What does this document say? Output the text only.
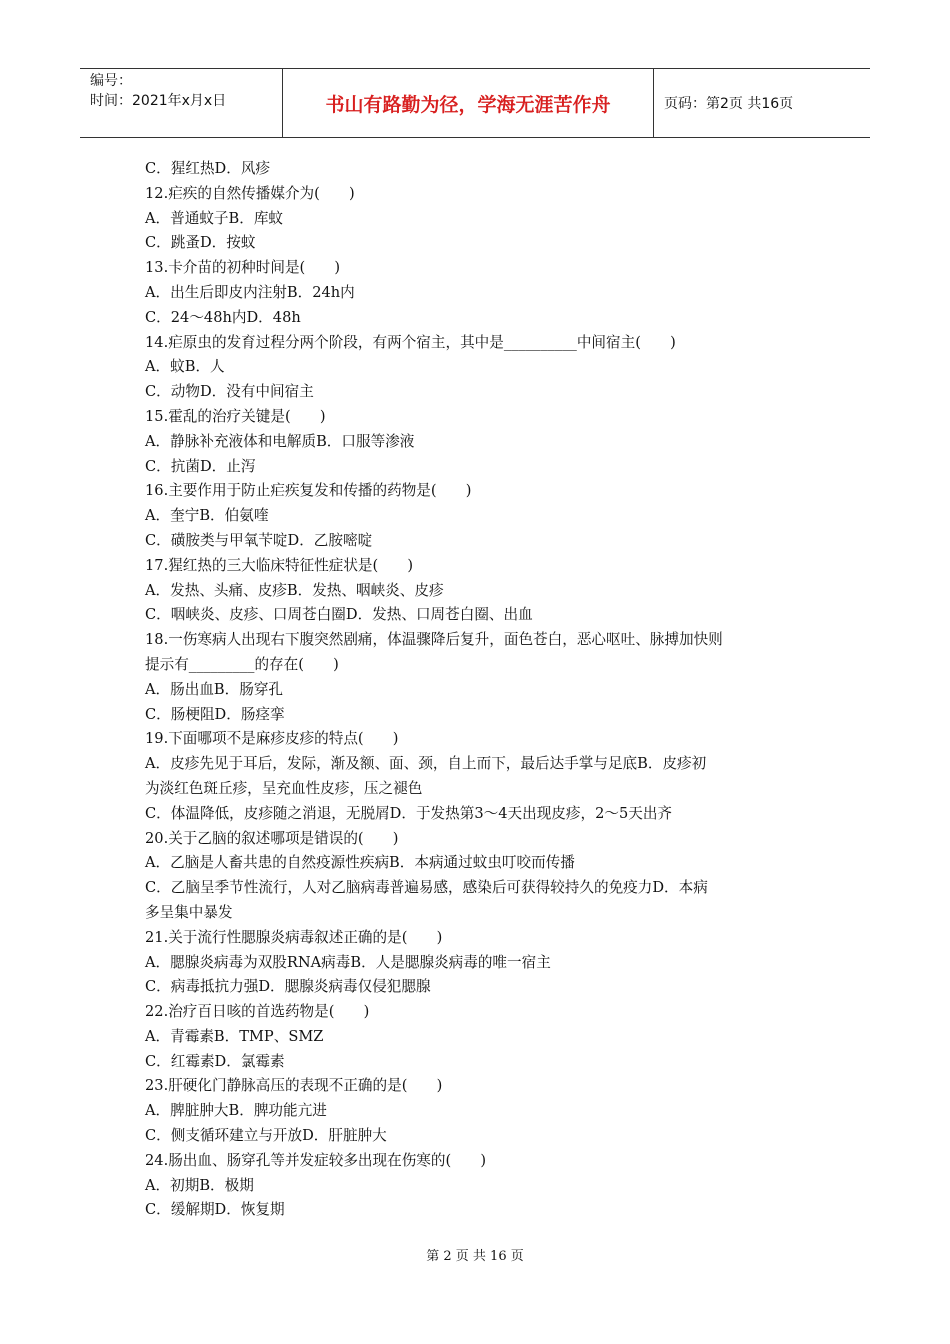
编号：
时间：2021年x月x日	书山有路勤为径，学海无涯苦作舟	页码：第2页 共16页
C．猩红热D．风疹
12.疟疾的自然传播媒介为(　　)
A．普通蚊子B．库蚊
C．跳蚤D．按蚊
13.卡介苗的初种时间是(　　)
A．出生后即皮内注射B．24h内
C．24～48h内D．48h
14.疟原虫的发育过程分两个阶段，有两个宿主，其中是__________中间宿主(　　)
A．蚊B．人
C．动物D．没有中间宿主
15.霍乱的治疗关键是(　　)
A．静脉补充液体和电解质B．口服等渗液
C．抗菌D．止泻
16.主要作用于防止疟疾复发和传播的药物是(　　)
A．奎宁B．伯氨喹
C．磺胺类与甲氧苄啶D．乙胺嘧啶
17.猩红热的三大临床特征性症状是(　　)
A．发热、头痛、皮疹B．发热、咽峡炎、皮疹
C．咽峡炎、皮疹、口周苍白圈D．发热、口周苍白圈、出血
18.一伤寒病人出现右下腹突然剧痛，体温骤降后复升，面色苍白，恶心呕吐、脉搏加快则
提示有_________的存在(　　)
A．肠出血B．肠穿孔
C．肠梗阻D．肠痉挛
19.下面哪项不是麻疹皮疹的特点(　　)
A．皮疹先见于耳后，发际，渐及额、面、颈，自上而下，最后达手掌与足底B．皮疹初
为淡红色斑丘疹，呈充血性皮疹，压之褪色
C．体温降低，皮疹随之消退，无脱屑D．于发热第3～4天出现皮疹，2～5天出齐
20.关于乙脑的叙述哪项是错误的(　　)
A．乙脑是人畜共患的自然疫源性疾病B．本病通过蚊虫叮咬而传播
C．乙脑呈季节性流行，人对乙脑病毒普遍易感，感染后可获得较持久的免疫力D．本病
多呈集中暴发
21.关于流行性腮腺炎病毒叙述正确的是(　　)
A．腮腺炎病毒为双股RNA病毒B．人是腮腺炎病毒的唯一宿主
C．病毒抵抗力强D．腮腺炎病毒仅侵犯腮腺
22.治疗百日咳的首选药物是(　　)
A．青霉素B．TMP、SMZ
C．红霉素D．氯霉素
23.肝硬化门静脉高压的表现不正确的是(　　)
A．脾脏肿大B．脾功能亢进
C．侧支循环建立与开放D．肝脏肿大
24.肠出血、肠穿孔等并发症较多出现在伤寒的(　　)
A．初期B．极期
C．缓解期D．恢复期
第 2 页 共 16 页
